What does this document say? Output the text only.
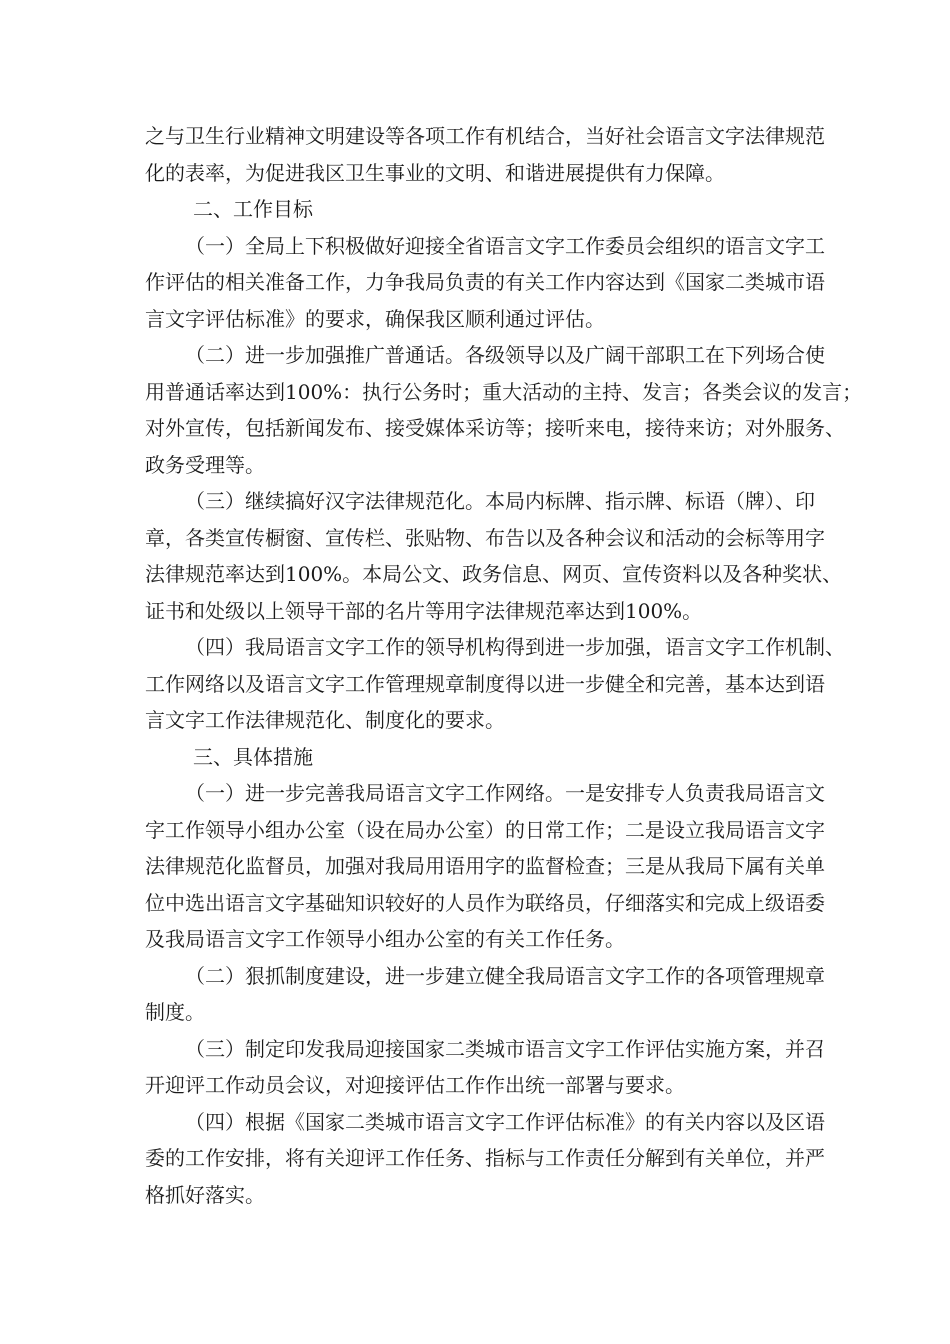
之与卫生行业精神文明建设等各项工作有机结合，当好社会语言文字法律规范
化的表率，为促进我区卫生事业的文明、和谐进展提供有力保障。
二、工作目标
（一）全局上下积极做好迎接全省语言文字工作委员会组织的语言文字工
作评估的相关准备工作，力争我局负责的有关工作内容达到《国家二类城市语
言文字评估标准》的要求，确保我区顺利通过评估。
（二）进一步加强推广普通话。各级领导以及广阔干部职工在下列场合使
用普通话率达到100%：执行公务时；重大活动的主持、发言；各类会议的发言；
对外宣传，包括新闻发布、接受媒体采访等；接听来电，接待来访；对外服务、
政务受理等。
（三）继续搞好汉字法律规范化。本局内标牌、指示牌、标语（牌）、印
章，各类宣传橱窗、宣传栏、张贴物、布告以及各种会议和活动的会标等用字
法律规范率达到100%。本局公文、政务信息、网页、宣传资料以及各种奖状、
证书和处级以上领导干部的名片等用字法律规范率达到100%。
（四）我局语言文字工作的领导机构得到进一步加强，语言文字工作机制、
工作网络以及语言文字工作管理规章制度得以进一步健全和完善，基本达到语
言文字工作法律规范化、制度化的要求。
三、具体措施
（一）进一步完善我局语言文字工作网络。一是安排专人负责我局语言文
字工作领导小组办公室（设在局办公室）的日常工作；二是设立我局语言文字
法律规范化监督员，加强对我局用语用字的监督检查；三是从我局下属有关单
位中选出语言文字基础知识较好的人员作为联络员，仔细落实和完成上级语委
及我局语言文字工作领导小组办公室的有关工作任务。
（二）狠抓制度建设，进一步建立健全我局语言文字工作的各项管理规章
制度。
（三）制定印发我局迎接国家二类城市语言文字工作评估实施方案，并召
开迎评工作动员会议，对迎接评估工作作出统一部署与要求。
（四）根据《国家二类城市语言文字工作评估标准》的有关内容以及区语
委的工作安排，将有关迎评工作任务、指标与工作责任分解到有关单位，并严
格抓好落实。
